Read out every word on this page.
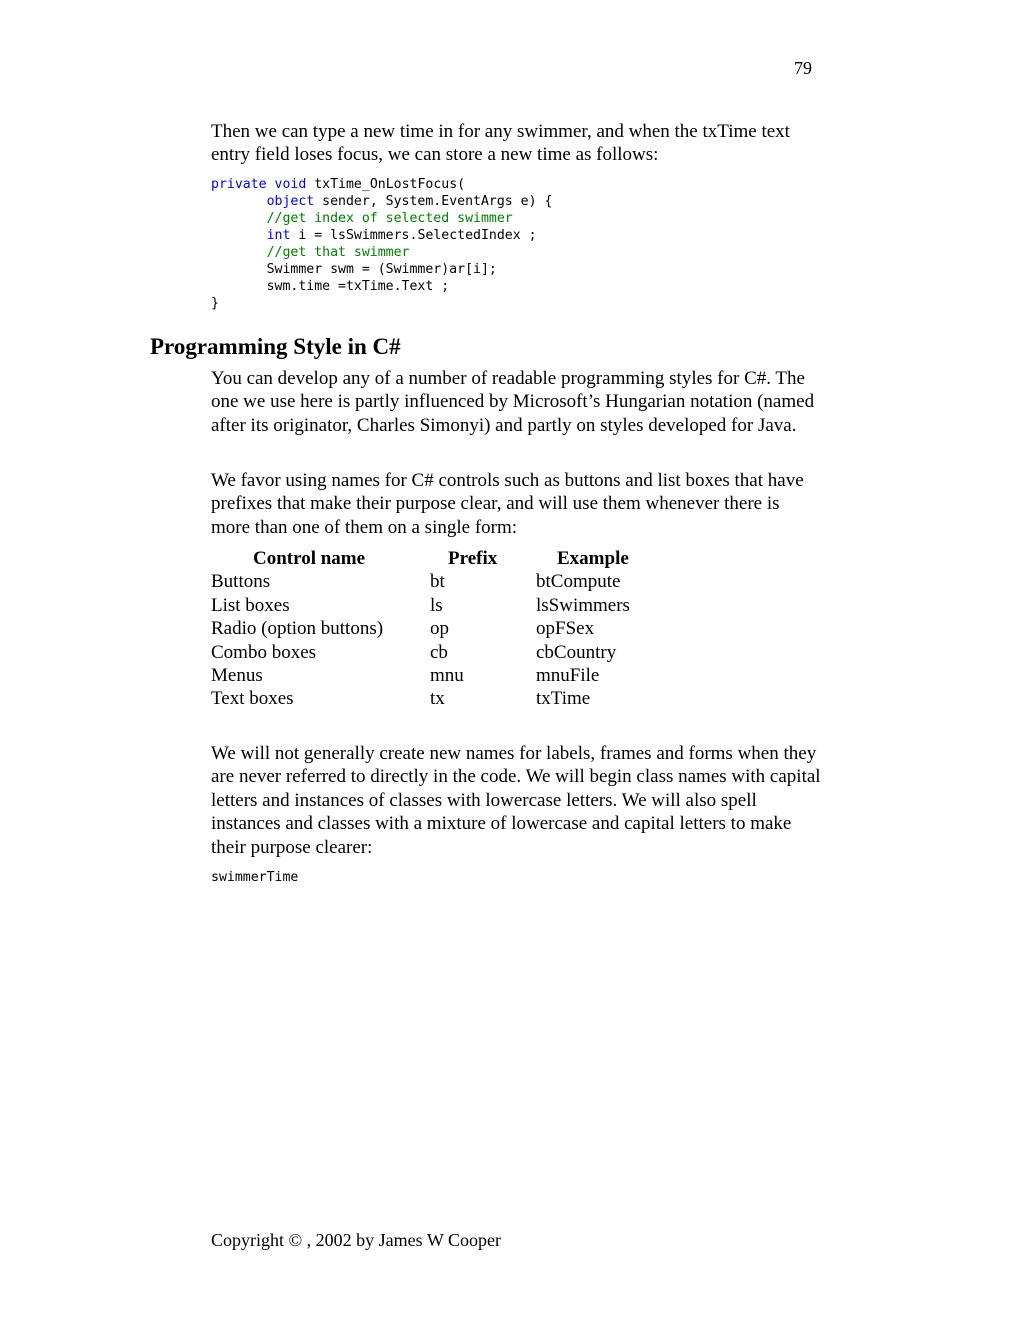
79

Then we can type a new time in for any swimmer, and when the txTime text entry field loses focus, we can store a new time as follows:

private void txTime_OnLostFocus(
object sender, System.EventArgs e) {
//get index of selected swimmer
int i = lsSwimmers.SelectedIndex ;
//get that swimmer
Swimmer swm = (Swimmer)ar[i];
swm.time =txTime.Text ;
}
Programming Style in C#

You can develop any of a number of readable programming styles for C#. The one we use here is partly influenced by Microsoft’s Hungarian notation (named after its originator, Charles Simonyi) and partly on styles developed for Java.

We favor using names for C# controls such as buttons and list boxes that have prefixes that make their purpose clear, and will use them whenever there is more than one of them on a single form:

Control name	Prefix	Example
Buttons	bt	btCompute
List boxes	ls	lsSwimmers
Radio (option buttons)	op	opFSex
Combo boxes	cb	cbCountry
Menus	mnu	mnuFile
Text boxes	tx	txTime

We will not generally create new names for labels, frames and forms when they are never referred to directly in the code. We will begin class names with capital letters and instances of classes with lowercase letters. We will also spell instances and classes with a mixture of lowercase and capital letters to make their purpose clearer:

swimmerTime

Copyright © , 2002 by James W Cooper
